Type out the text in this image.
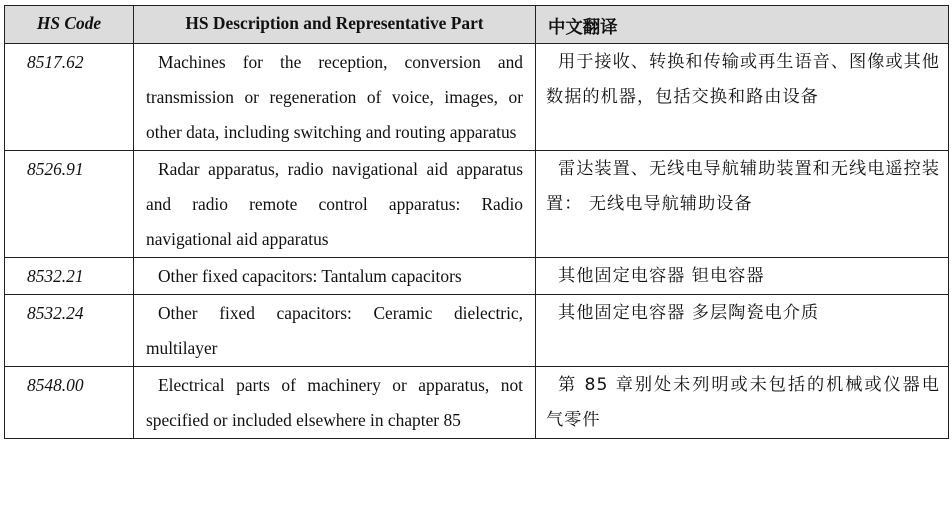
HS Code	HS Description and Representative Part	中文翻译
8517.62	Machines for the reception, conversion and transmission or regeneration of voice, images, or other data, including switching and routing apparatus	用于接收、转换和传输或再生语音、图像或其他数据的机器，包括交换和路由设备
8526.91	Radar apparatus, radio navigational aid apparatus and radio remote control apparatus: Radio navigational aid apparatus	雷达装置、无线电导航辅助装置和无线电遥控装置： 无线电导航辅助设备
8532.21	Other fixed capacitors: Tantalum capacitors	其他固定电容器 钽电容器
8532.24	Other fixed capacitors: Ceramic dielectric, multilayer	其他固定电容器 多层陶瓷电介质
8548.00	Electrical parts of machinery or apparatus, not specified or included elsewhere in chapter 85	第 85 章别处未列明或未包括的机械或仪器电气零件
